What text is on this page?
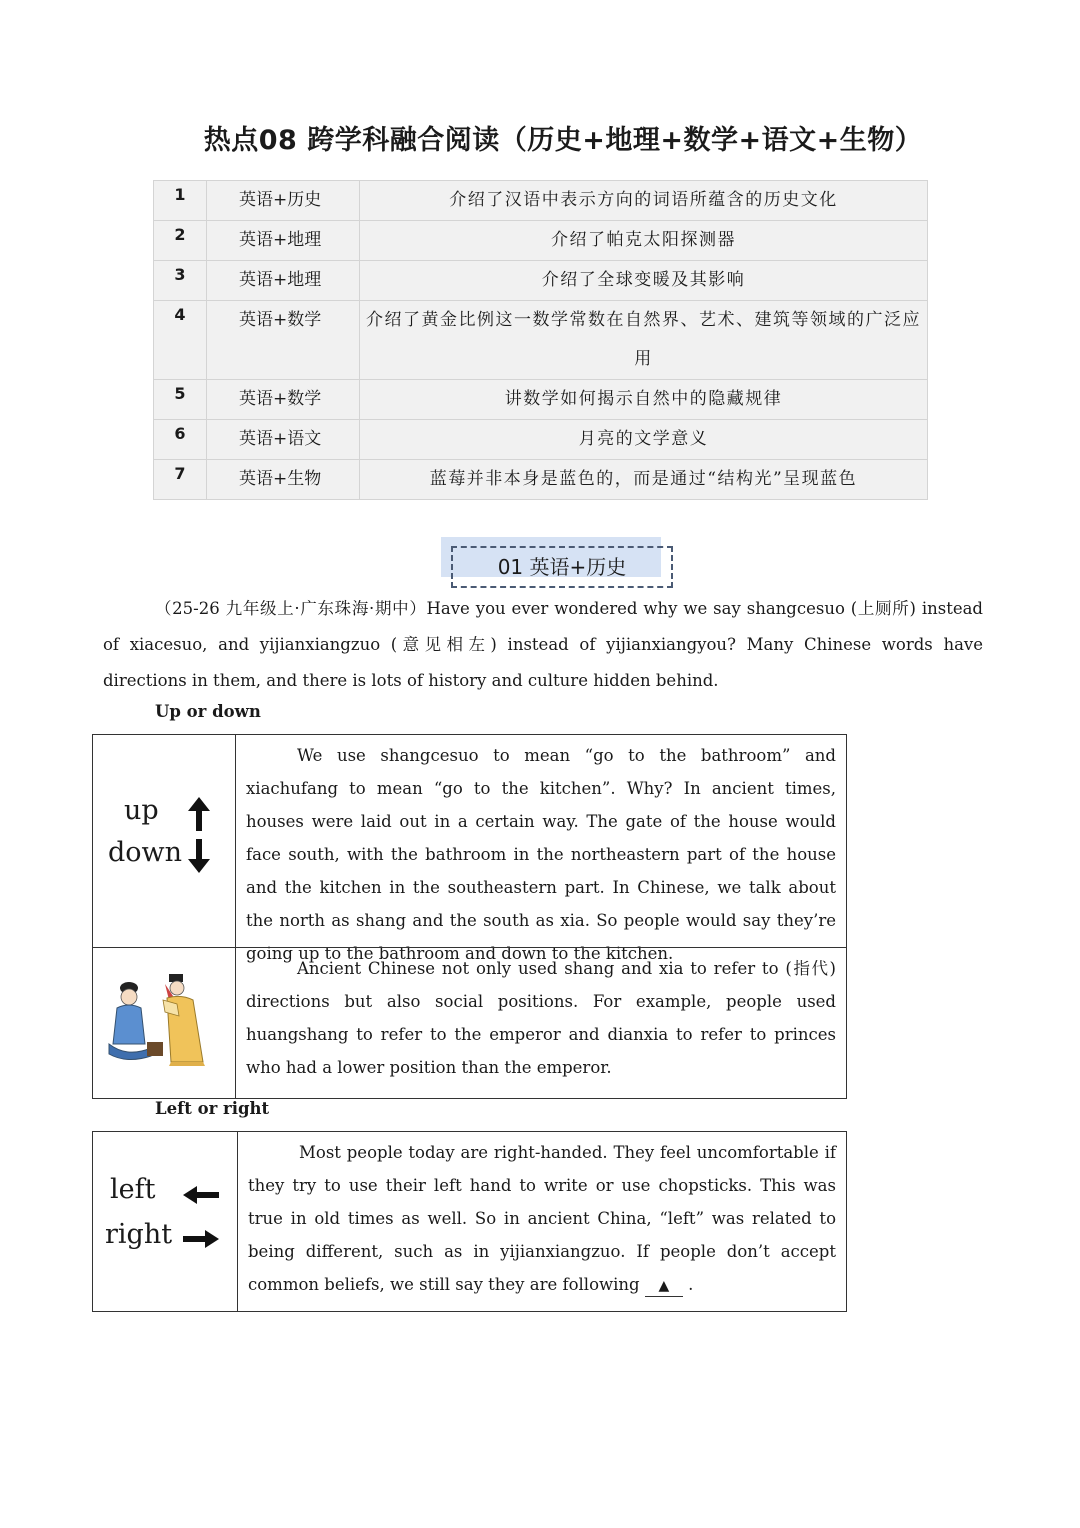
热点08 跨学科融合阅读（历史+地理+数学+语文+生物）
1	英语+历史	介绍了汉语中表示方向的词语所蕴含的历史文化

2	英语+地理	介绍了帕克太阳探测器

3	英语+地理	介绍了全球变暖及其影响

4	英语+数学	介绍了黄金比例这一数学常数在自然界、艺术、建筑等领域的广泛应用

5	英语+数学	讲数学如何揭示自然中的隐藏规律

6	英语+语文	月亮的文学意义

7	英语+生物	蓝莓并非本身是蓝色的，而是通过“结构光”呈现蓝色
01 英语+历史
（25-26 九年级上·广东珠海·期中）Have you ever wondered why we say shangcesuo (上厕所) instead of xiacesuo, and yijianxiangzuo (意见相左) instead of yijianxiangyou? Many Chinese words have directions in them, and there is lots of history and culture hidden behind.
Up or down
up
down
We use shangcesuo to mean “go to the bathroom” and xiachufang to mean “go to the kitchen”. Why? In ancient times, houses were laid out in a certain way. The gate of the house would face south, with the bathroom in the northeastern part of the house and the kitchen in the southeastern part. In Chinese, we talk about the north as shang and the south as xia. So people would say they’re going up to the bathroom and down to the kitchen.
Ancient Chinese not only used shang and xia to refer to (指代) directions but also social positions. For example, people used huangshang to refer to the emperor and dianxia to refer to princes who had a lower position than the emperor.
Left or right
left
right
Most people today are right-handed. They feel uncomfortable if they try to use their left hand to write or use chopsticks. This was true in old times as well. So in ancient China, “left” was related to being different, such as in yijianxiangzuo. If people don’t accept common beliefs, we still say they are following ▲ .
